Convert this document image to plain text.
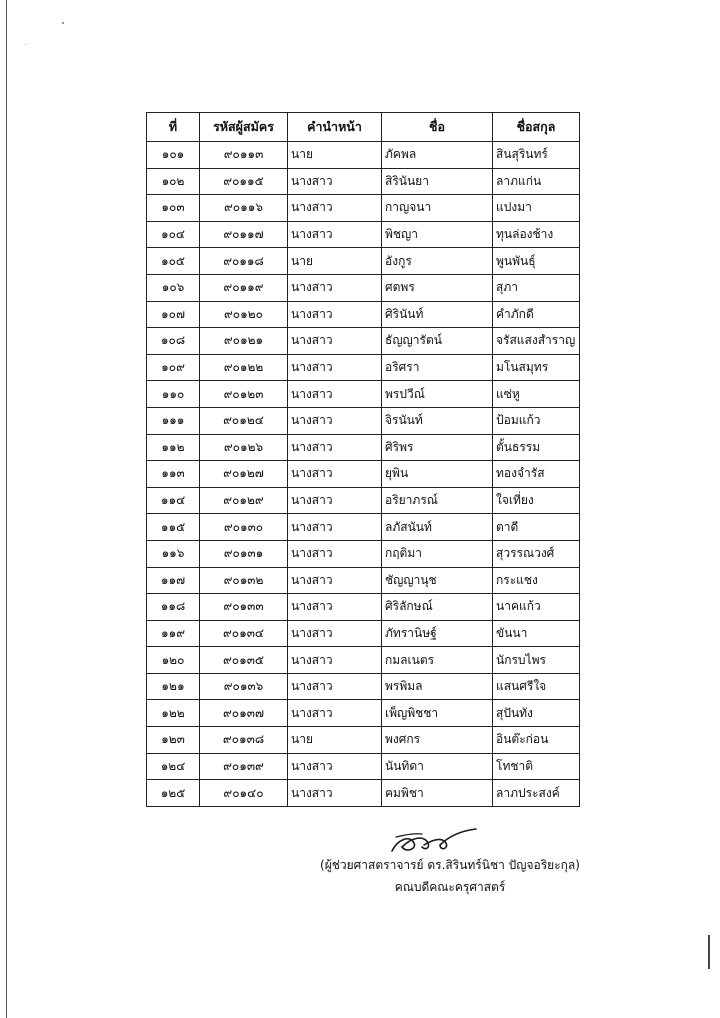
ที่	รหัสผู้สมัคร	คำนำหน้า	ชื่อ	ชื่อสกุล
๑๐๑	๙๐๑๑๓	นาย	ภัคพล	สินสุรินทร์
๑๐๒	๙๐๑๑๕	นางสาว	สิรินันยา	ลาภแก่น
๑๐๓	๙๐๑๑๖	นางสาว	กาญจนา	แปงมา
๑๐๔	๙๐๑๑๗	นางสาว	พิชญา	ทุนล่องช้าง
๑๐๕	๙๐๑๑๘	นาย	อังกูร	พูนพันธุ์
๑๐๖	๙๐๑๑๙	นางสาว	ศตพร	สุภา
๑๐๗	๙๐๑๒๐	นางสาว	ศิรินันท์	คำภักดี
๑๐๘	๙๐๑๒๑	นางสาว	ธัญญารัตน์	จรัสแสงสำราญ
๑๐๙	๙๐๑๒๒	นางสาว	อริศรา	มโนสมุทร
๑๑๐	๙๐๑๒๓	นางสาว	พรปวีณ์	แซ่หู
๑๑๑	๙๐๑๒๔	นางสาว	จิรนันท์	ป้อมแก้ว
๑๑๒	๙๐๑๒๖	นางสาว	ศิริพร	ตั้นธรรม
๑๑๓	๙๐๑๒๗	นางสาว	ยุพิน	ทองจำรัส
๑๑๔	๙๐๑๒๙	นางสาว	อริยาภรณ์	ใจเที่ยง
๑๑๕	๙๐๑๓๐	นางสาว	ลภัสนันท์	ตาดี
๑๑๖	๙๐๑๓๑	นางสาว	กฤติมา	สุวรรณวงศ์
๑๑๗	๙๐๑๓๒	นางสาว	ชัญญานุช	กระแชง
๑๑๘	๙๐๑๓๓	นางสาว	ศิริลักษณ์	นาคแก้ว
๑๑๙	๙๐๑๓๔	นางสาว	ภัทรานิษฐ์	ขันนา
๑๒๐	๙๐๑๓๕	นางสาว	กมลเนตร	นักรบไพร
๑๒๑	๙๐๑๓๖	นางสาว	พรพิมล	แสนศรีใจ
๑๒๒	๙๐๑๓๗	นางสาว	เพ็ญพิชชา	สุปันทัง
๑๒๓	๙๐๑๓๘	นาย	พงศกร	อินต๊ะก่อน
๑๒๔	๙๐๑๓๙	นางสาว	นันทิดา	โทชาติ
๑๒๕	๙๐๑๔๐	นางสาว	ฅมพิชา	ลาภประสงค์
(ผู้ช่วยศาสตราจารย์ ดร.สิรินทร์นิชา ปัญจอริยะกุล)
คณบดีคณะครุศาสตร์
